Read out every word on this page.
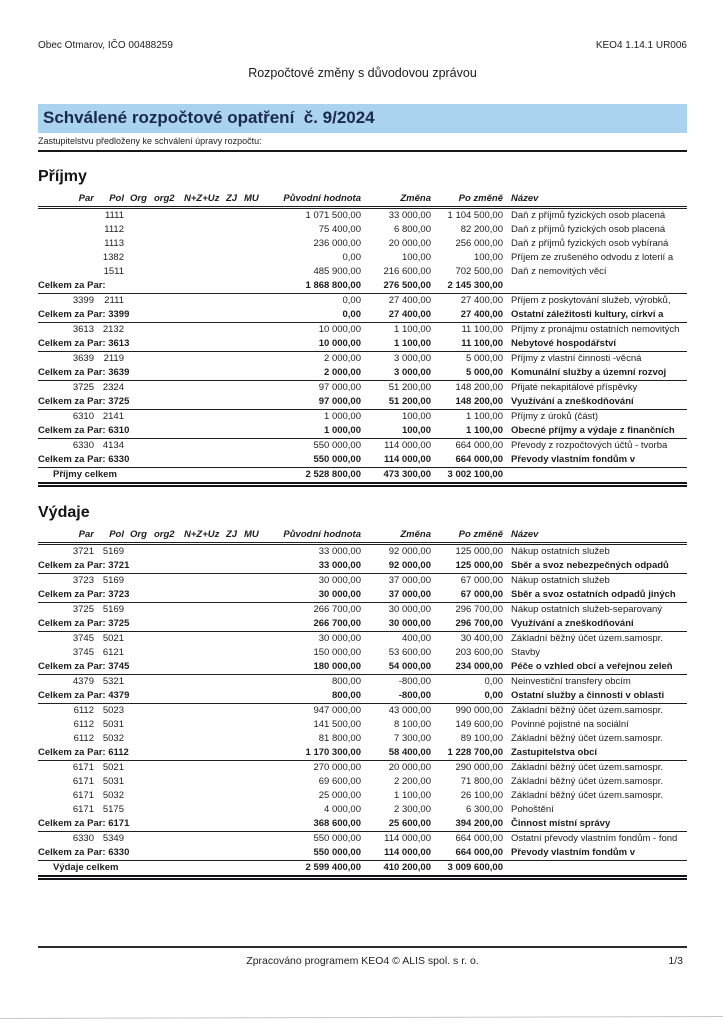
Obec Otmarov, IČO 00488259	KEO4 1.14.1 UR006
Rozpočtové změny s důvodovou zprávou
Schválené rozpočtové opatření  č. 9/2024
Zastupitelstvu předloženy ke schválení úpravy rozpočtu:
Příjmy
Par	Pol	Org	org2	N+Z+Uz	ZJ	MU	Původní hodnota	Změna	Po změně	Název
	1111						1 071 500,00	33 000,00	1 104 500,00	Daň z příjmů fyzických osob placená
	1112						75 400,00	6 800,00	82 200,00	Daň z příjmů fyzických osob placená
	1113						236 000,00	20 000,00	256 000,00	Daň z příjmů fyzických osob vybíraná
	1382						0,00	100,00	100,00	Příjem ze zrušeného odvodu z loterií a
	1511						485 900,00	216 600,00	702 500,00	Daň z nemovitých věcí
Celkem za Par:							1 868 800,00	276 500,00	2 145 300,00	
3399	2111						0,00	27 400,00	27 400,00	Příjem z poskytování služeb, výrobků,
Celkem za Par: 3399							0,00	27 400,00	27 400,00	Ostatní záležitosti kultury, církví a
3613	2132						10 000,00	1 100,00	11 100,00	Příjmy z pronájmu ostatních nemovitých
Celkem za Par: 3613							10 000,00	1 100,00	11 100,00	Nebytové hospodářství
3639	2119						2 000,00	3 000,00	5 000,00	Příjmy z vlastní činnosti -věcná
Celkem za Par: 3639							2 000,00	3 000,00	5 000,00	Komunální služby a územní rozvoj
3725	2324						97 000,00	51 200,00	148 200,00	Přijaté nekapitálové příspěvky
Celkem za Par: 3725							97 000,00	51 200,00	148 200,00	Využívání a zneškodňování
6310	2141						1 000,00	100,00	1 100,00	Příjmy z úroků (část)
Celkem za Par: 6310							1 000,00	100,00	1 100,00	Obecné příjmy a výdaje z finančních
6330	4134						550 000,00	114 000,00	664 000,00	Převody z rozpočtových účtů - tvorba
Celkem za Par: 6330							550 000,00	114 000,00	664 000,00	Převody vlastním fondům v
Příjmy celkem							2 528 800,00	473 300,00	3 002 100,00	
Výdaje
Par	Pol	Org	org2	N+Z+Uz	ZJ	MU	Původní hodnota	Změna	Po změně	Název
3721	5169						33 000,00	92 000,00	125 000,00	Nákup ostatních služeb
Celkem za Par: 3721							33 000,00	92 000,00	125 000,00	Sběr a svoz nebezpečných odpadů
3723	5169						30 000,00	37 000,00	67 000,00	Nákup ostatních služeb
Celkem za Par: 3723							30 000,00	37 000,00	67 000,00	Sběr a svoz ostatních odpadů jiných
3725	5169						266 700,00	30 000,00	296 700,00	Nákup ostatních služeb-separovaný
Celkem za Par: 3725							266 700,00	30 000,00	296 700,00	Využívání a zneškodňování
3745	5021						30 000,00	400,00	30 400,00	Základní běžný účet územ.samospr.
3745	6121						150 000,00	53 600,00	203 600,00	Stavby
Celkem za Par: 3745							180 000,00	54 000,00	234 000,00	Péče o vzhled obcí a veřejnou zeleň
4379	5321						800,00	-800,00	0,00	Neinvestiční transfery obcím
Celkem za Par: 4379							800,00	-800,00	0,00	Ostatní služby a činnosti v oblasti
6112	5023						947 000,00	43 000,00	990 000,00	Základní běžný účet územ.samospr.
6112	5031						141 500,00	8 100,00	149 600,00	Povinné pojistné na sociální
6112	5032						81 800,00	7 300,00	89 100,00	Základní běžný účet územ.samospr.
Celkem za Par: 6112							1 170 300,00	58 400,00	1 228 700,00	Zastupitelstva obcí
6171	5021						270 000,00	20 000,00	290 000,00	Základní běžný účet územ.samospr.
6171	5031						69 600,00	2 200,00	71 800,00	Základní běžný účet územ.samospr.
6171	5032						25 000,00	1 100,00	26 100,00	Základní běžný účet územ.samospr.
6171	5175						4 000,00	2 300,00	6 300,00	Pohoštění
Celkem za Par: 6171							368 600,00	25 600,00	394 200,00	Činnost místní správy
6330	5349						550 000,00	114 000,00	664 000,00	Ostatní převody vlastním fondům - fond
Celkem za Par: 6330							550 000,00	114 000,00	664 000,00	Převody vlastním fondům v
Výdaje celkem							2 599 400,00	410 200,00	3 009 600,00	
Zpracováno programem KEO4 © ALIS spol. s r. o.	1/3
